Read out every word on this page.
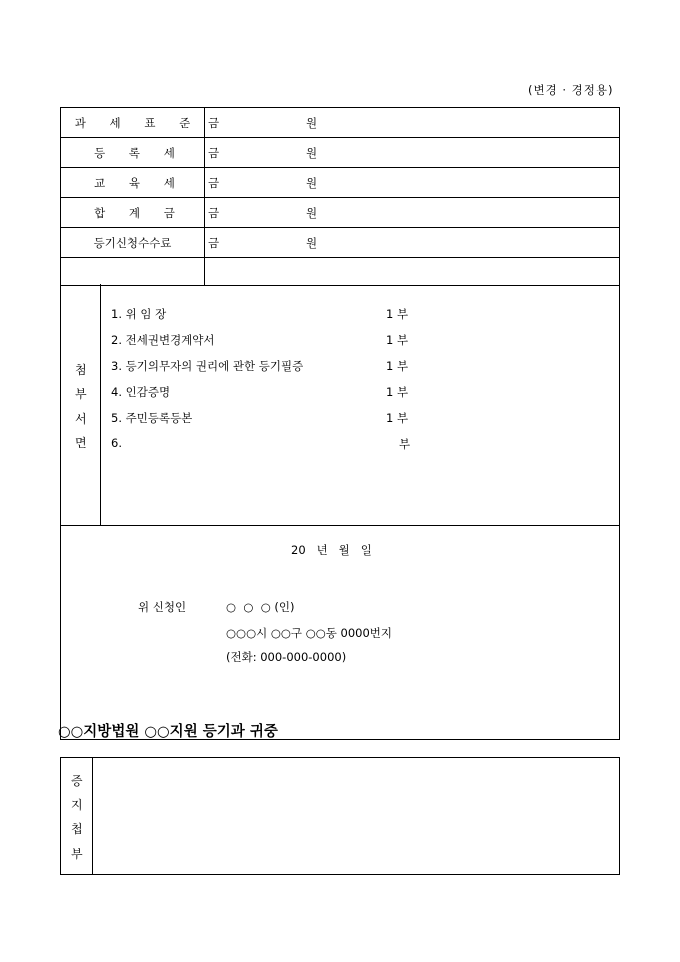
(변경 · 경정용)
과 세 표 준	금 원

등 록 세	금 원

교 육 세	금 원

합 계 금	금 원

등기신청수수료	금 원

첨
부
서
면
1. 위 임 장	1 부
2. 전세권변경계약서	1 부
3. 등기의무자의 권리에 관한 등기필증	1 부
4. 인감증명	1 부
5. 주민등록등본	1 부
6.	부
20   년   월   일
위 신청인	○  ○  ○ (인)
○○○시 ○○구 ○○동 0000번지
(전화: 000-000-0000)
○○지방법원 ○○지원 등기과 귀중
증
지
첩
부
